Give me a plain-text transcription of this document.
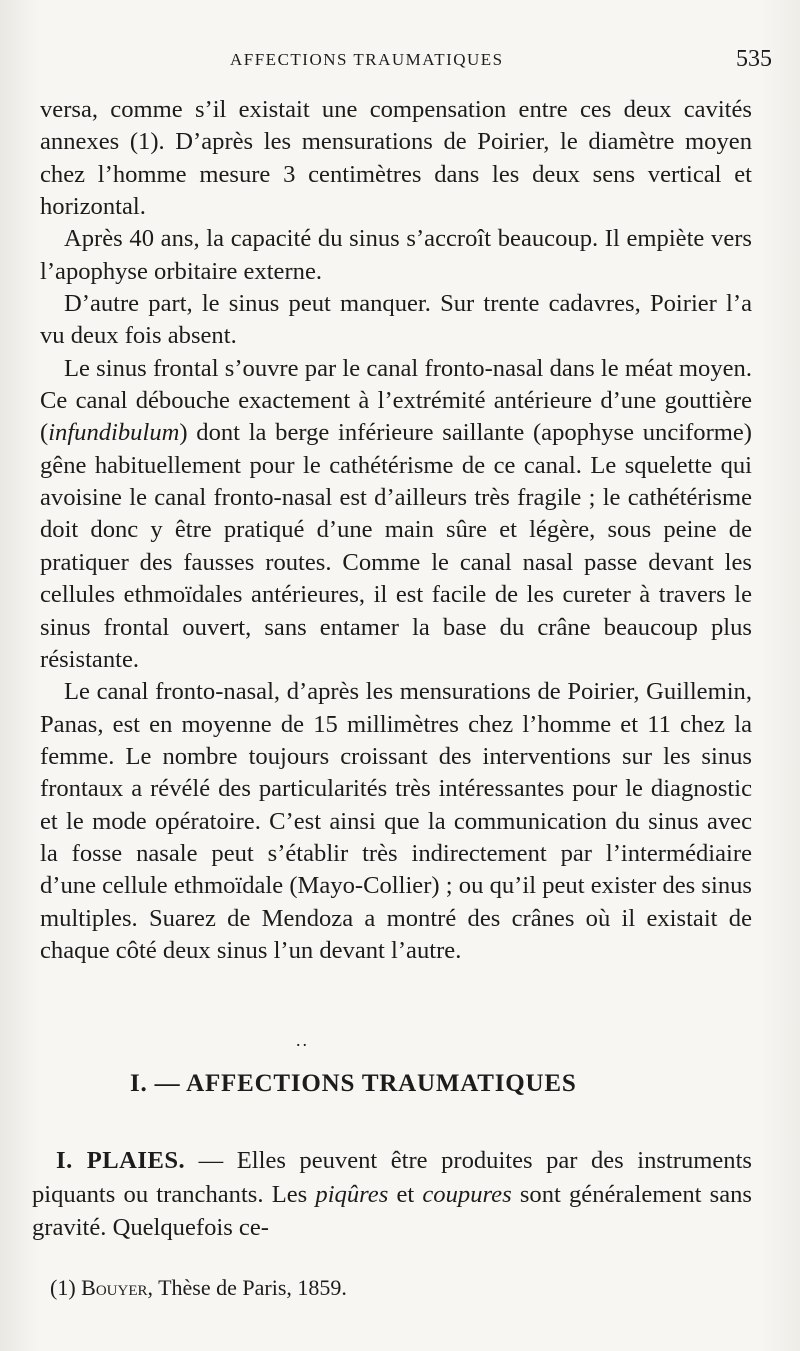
AFFECTIONS TRAUMATIQUES	535

versa, comme s’il existait une compensation entre ces deux cavités annexes (1). D’après les mensurations de Poirier, le diamètre moyen chez l’homme mesure 3 centimètres dans les deux sens vertical et horizontal.

Après 40 ans, la capacité du sinus s’accroît beaucoup. Il empiète vers l’apophyse orbitaire externe.

D’autre part, le sinus peut manquer. Sur trente cadavres, Poirier l’a vu deux fois absent.

Le sinus frontal s’ouvre par le canal fronto-nasal dans le méat moyen. Ce canal débouche exactement à l’extrémité antérieure d’une gouttière (infundibulum) dont la berge inférieure saillante (apophyse unciforme) gêne habituellement pour le cathétérisme de ce canal. Le squelette qui avoisine le canal fronto-nasal est d’ailleurs très fragile ; le cathétérisme doit donc y être pratiqué d’une main sûre et légère, sous peine de pratiquer des fausses routes. Comme le canal nasal passe devant les cellules ethmoïdales antérieures, il est facile de les cureter à travers le sinus frontal ouvert, sans entamer la base du crâne beaucoup plus résistante.

Le canal fronto-nasal, d’après les mensurations de Poirier, Guillemin, Panas, est en moyenne de 15 millimètres chez l’homme et 11 chez la femme. Le nombre toujours croissant des interventions sur les sinus frontaux a révélé des particularités très intéressantes pour le diagnostic et le mode opératoire. C’est ainsi que la communication du sinus avec la fosse nasale peut s’établir très indirectement par l’intermédiaire d’une cellule ethmoïdale (Mayo-Collier) ; ou qu’il peut exister des sinus multiples. Suarez de Mendoza a montré des crânes où il existait de chaque côté deux sinus l’un devant l’autre.

..
I. — AFFECTIONS TRAUMATIQUES

I. PLAIES. — Elles peuvent être produites par des instruments piquants ou tranchants. Les piqûres et coupures sont généralement sans gravité. Quelquefois ce-

(1) Bouyer, Thèse de Paris, 1859.
